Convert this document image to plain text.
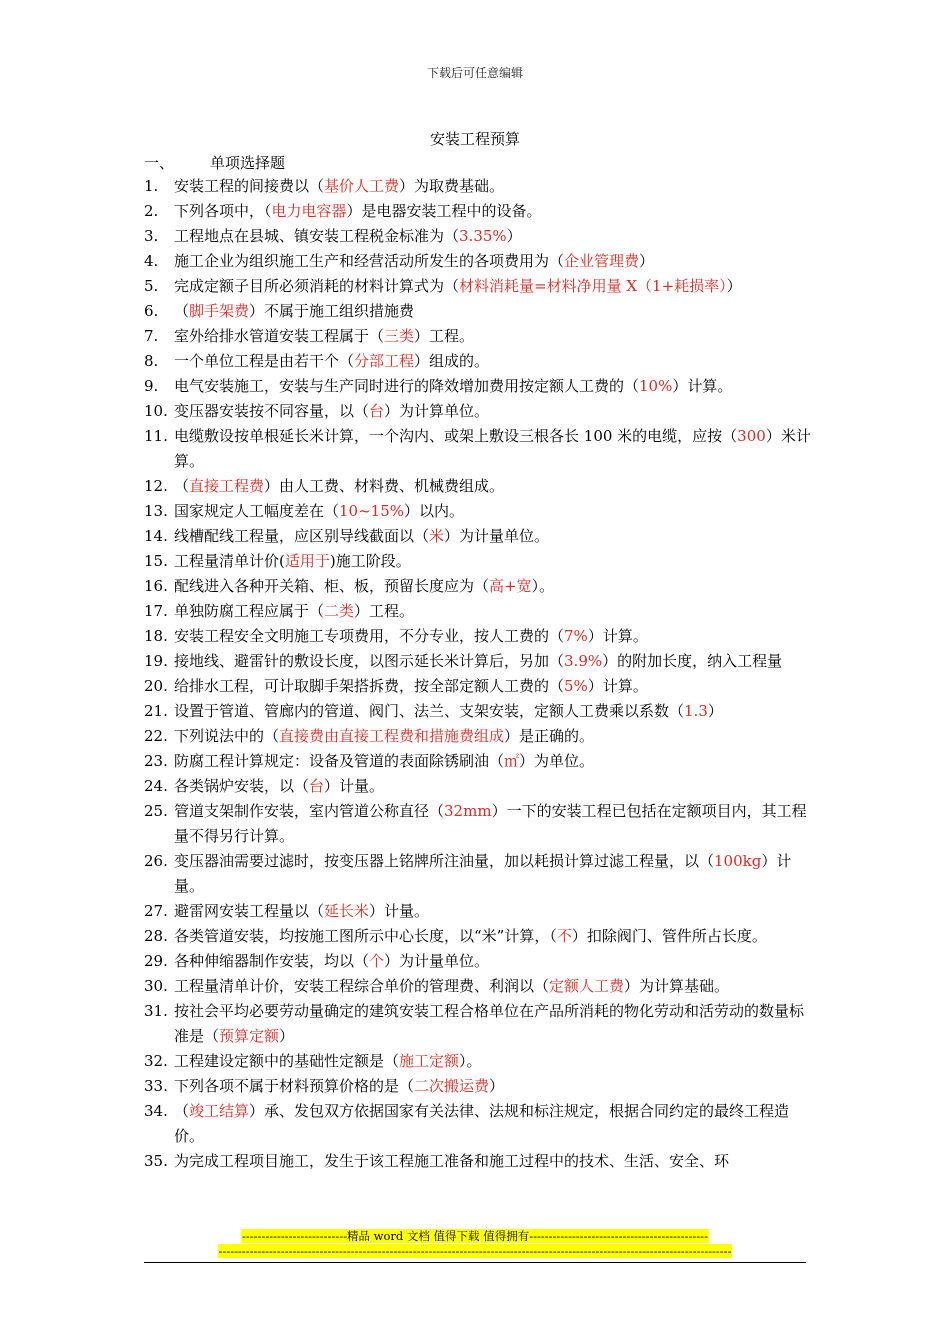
下载后可任意编辑
安装工程预算
一、 单项选择题
1.	安装工程的间接费以（基价人工费）为取费基础。
2.	下列各项中，（电力电容器）是电器安装工程中的设备。
3.	工程地点在县城、镇安装工程税金标准为（3.35%）
4.	施工企业为组织施工生产和经营活动所发生的各项费用为（企业管理费）
5.	完成定额子目所必须消耗的材料计算式为（材料消耗量=材料净用量 X（1+耗损率））
6.	（脚手架费）不属于施工组织措施费
7.	室外给排水管道安装工程属于（三类）工程。
8.	一个单位工程是由若干个（分部工程）组成的。
9.	电气安装施工，安装与生产同时进行的降效增加费用按定额人工费的（10%）计算。
10. 变压器安装按不同容量，以（台）为计算单位。
11. 电缆敷设按单根延长米计算，一个沟内、或架上敷设三根各长 100 米的电缆，应按（300）米计算。
12. （直接工程费）由人工费、材料费、机械费组成。
13. 国家规定人工幅度差在（10~15%）以内。
14. 线槽配线工程量，应区别导线截面以（米）为计量单位。
15. 工程量清单计价(适用于)施工阶段。
16. 配线进入各种开关箱、柜、板，预留长度应为（高+宽）。
17. 单独防腐工程应属于（二类）工程。
18. 安装工程安全文明施工专项费用，不分专业，按人工费的（7%）计算。
19. 接地线、避雷针的敷设长度，以图示延长米计算后，另加（3.9%）的附加长度，纳入工程量
20. 给排水工程，可计取脚手架搭拆费，按全部定额人工费的（5%）计算。
21. 设置于管道、管廊内的管道、阀门、法兰、支架安装，定额人工费乘以系数（1.3）
22. 下列说法中的（直接费由直接工程费和措施费组成）是正确的。
23. 防腐工程计算规定：设备及管道的表面除锈刷油（㎡）为单位。
24. 各类锅炉安装，以（台）计量。
25. 管道支架制作安装，室内管道公称直径（32mm）一下的安装工程已包括在定额项目内，其工程量不得另行计算。
26. 变压器油需要过滤时，按变压器上铭牌所注油量，加以耗损计算过滤工程量，以（100kg）计量。
27. 避雷网安装工程量以（延长米）计量。
28. 各类管道安装，均按施工图所示中心长度，以“米”计算，（不）扣除阀门、管件所占长度。
29. 各种伸缩器制作安装，均以（个）为计量单位。
30. 工程量清单计价，安装工程综合单价的管理费、利润以（定额人工费）为计算基础。
31. 按社会平均必要劳动量确定的建筑安装工程合格单位在产品所消耗的物化劳动和活劳动的数量标准是（预算定额）
32. 工程建设定额中的基础性定额是（施工定额）。
33. 下列各项不属于材料预算价格的是（二次搬运费）
34. （竣工结算）承、发包双方依据国家有关法律、法规和标注规定，根据合同约定的最终工程造价。
35. 为完成工程项目施工，发生于该工程施工准备和施工过程中的技术、生活、安全、环
---------------------------精品 word 文档 值得下载 值得拥有----------------------------------------------
------------------------------------------------------------------------------------------------------------------------------------
